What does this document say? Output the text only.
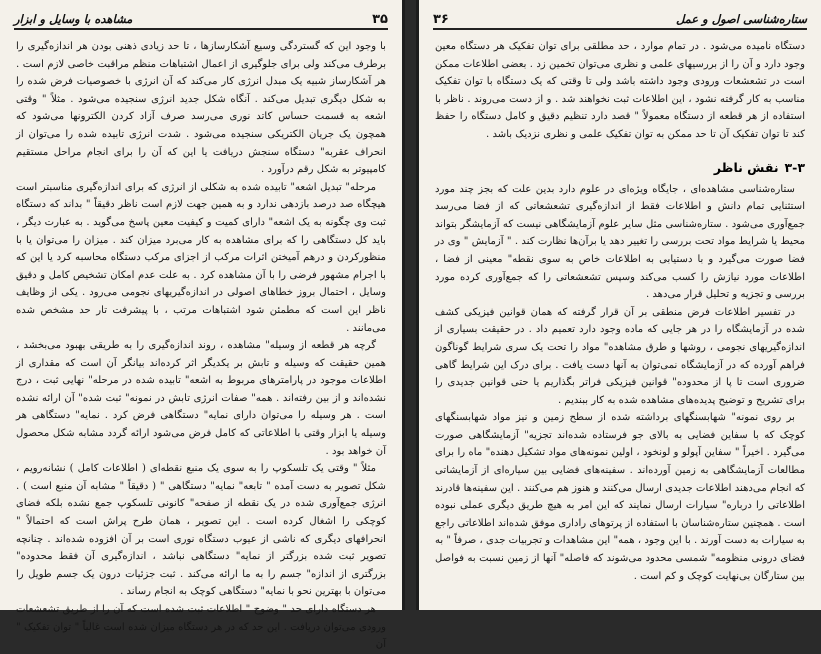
۳۵
مشاهده با وسایل و ابزار

با وجود این که گستردگی وسیع آشکارسازها ، تا حد زیادی ذهنی بودن هر اندازه‌گیری را برطرف می‌کند ولی برای جلوگیری از اعمال اشتباهات منظم مراقبت خاصی لازم است . هر آشکارساز شبیه یک مبدل انرژی کار می‌کند که آن انرژی با خصوصیات فرض شده را به شکل دیگری تبدیل می‌کند . آنگاه شکل جدید انرژی سنجیده می‌شود . مثلاً " وقتی اشعه به قسمت حساس کاتد نوری می‌رسد صرف آزاد کردن الکترونها می‌شود که همچون یک جریان الکتریکی سنجیده می‌شود . شدت انرژی تابیده شده را می‌توان از انحراف عقربه" دستگاه سنجش دریافت یا این که آن را برای انجام مراحل مستقیم کامپیوتر به شکل رقم درآورد .

مرحله" تبدیل اشعه" تابیده شده به شکلی از انرژی که برای اندازه‌گیری مناسبتر است هیچگاه صد درصد بازدهی ندارد و به همین جهت لازم است ناظر دقیقاً " بداند که دستگاه ثبت وی چگونه به یک اشعه" دارای کمیت و کیفیت معین پاسخ می‌گوید . به عبارت دیگر ، باید کل دستگاهی را که برای مشاهده به کار می‌برد میزان کند . میزان را می‌توان یا با منظورکردن و درهم آمیختن اثرات مرکب از اجزای مرکب دستگاه محاسبه کرد یا این که با اجرام مشهور فرضی را با آن مشاهده کرد . به علت عدم امکان تشخیص کامل و دقیق وسایل ، احتمال بروز خطاهای اصولی در اندازه‌گیریهای نجومی می‌رود . یکی از وظایف ناظر این است که مطمئن شود اشتباهات مرتب ، با پیشرفت تار حد مشخص شده می‌مانند .

گرچه هر قطعه از وسیله" مشاهده ، روند اندازه‌گیری را به طریقی بهبود می‌بخشد ، همین حقیقت که وسیله و تابش بر یکدیگر اثر کرده‌اند بیانگر آن است که مقداری از اطلاعات موجود در پارامترهای مربوط به اشعه" تابیده شده در مرحله" نهایی ثبت ، درج نشده‌اند و از بین رفته‌اند . همه" صفات انرژی تابش در نمونه" ثبت شده" آن ارائه نشده است . هر وسیله را می‌توان دارای نمایه" دستگاهی فرض کرد . نمایه" دستگاهی هر وسیله یا ابزار وقتی با اطلاعاتی که کامل فرض می‌شود ارائه گردد مشابه شکل محصول آن خواهد بود .

مثلاً " وقتی یک تلسکوپ را به سوی یک منبع نقطه‌ای ( اطلاعات کامل ) نشانه‌رویم ، شکل تصویر به دست آمده " تابعه" نمایه" دستگاهی " ( دقیقاً " مشابه آن منبع است ) . انرژی جمع‌آوری شده در یک نقطه از صفحه" کانونی تلسکوپ جمع نشده بلکه فضای کوچکی را اشغال کرده است . این تصویر ، همان طرح پراش است که احتمالاً " انحرافهای دیگری که ناشی از عیوب دستگاه نوری است بر آن افزوده شده‌اند . چنانچه تصویر ثبت شده بزرگتر از نمایه" دستگاهی نباشد ، اندازه‌گیری آن فقط محدوده" بزرگتری از اندازه" جسم را به ما ارائه می‌کند . ثبت جزئیات درون یک جسم طویل را می‌توان با بهترین نحو با نمایه" دستگاهی کوچک به انجام رساند .

هر دستگاه دارای حد " وضوح " اطلاعات ثبت شده است که آن را از طریق تشعشعات ورودی می‌توان دریافت . این حد که در هر دستگاه میزان شده است غالباً " توان تفکیک " آن

ستاره‌شناسی اصول و عمل
۳۶

دستگاه نامیده می‌شود . در تمام موارد ، حد مطلقی برای توان تفکیک هر دستگاه معین وجود دارد و آن را از بررسیهای علمی و نظری می‌توان تخمین زد . بعضی اطلاعات ممکن است در تشعشعات ورودی وجود داشته باشد ولی تا وقتی که یک دستگاه با توان تفکیک مناسب به کار گرفته نشود ، این اطلاعات ثبت نخواهند شد . و از دست می‌روند . ناظر با استفاده از هر قطعه از دستگاه معمولاً " قصد دارد تنظیم دقیق و کامل دستگاه را حفظ کند تا توان تفکیک آن تا حد ممکن به توان تفکیک علمی و نظری نزدیک باشد .

۳-۳نقش ناظر

ستاره‌شناسی مشاهده‌ای ، جایگاه ویژه‌ای در علوم دارد بدین علت که بجز چند مورد استثنایی تمام دانش و اطلاعات فقط از اندازه‌گیری تشعشعاتی که از فضا می‌رسد جمع‌آوری می‌شود . ستاره‌شناسی مثل سایر علوم آزمایشگاهی نیست که آزمایشگر بتواند محیط یا شرایط مواد تحت بررسی را تغییر دهد یا برآن‌ها نظارت کند . " آزمایش " وی در فضا صورت می‌گیرد و با دستیابی به اطلاعات خاص به سوی نقطه" معینی از فضا ، اطلاعات مورد نیازش را کسب می‌کند وسپس تشعشعاتی را که جمع‌آوری کرده مورد بررسی و تجزیه و تحلیل قرار می‌دهد .

در تفسیر اطلاعات فرض منطقی بر آن قرار گرفته که همان قوانین فیزیکی کشف شده در آزمایشگاه را در هر جایی که ماده وجود دارد تعمیم داد . در حقیقت بسیاری از اندازه‌گیریهای نجومی ، روشها و طرق مشاهده" مواد را تحت یک سری شرایط گوناگون فراهم آورده که در آزمایشگاه نمی‌توان به آنها دست یافت . برای درک این شرایط گاهی ضروری است تا پا از محدوده" قوانین فیزیکی فراتر بگذاریم یا حتی قوانین جدیدی را برای تشریح و توضیح پدیده‌های مشاهده شده به کار ببندیم .

بر روی نمونه" شهابسنگهای برداشته شده از سطح زمین و نیز مواد شهابسنگهای کوچک که با سفاین فضایی به بالای جو فرستاده شده‌اند تجزیه" آزمایشگاهی صورت می‌گیرد . اخیراً " سفاین آپولو و لونخود ، اولین نمونه‌های مواد تشکیل دهنده" ماه را برای مطالعات آزمایشگاهی به زمین آورده‌اند . سفینه‌های فضایی بین سیاره‌ای از آزمایشاتی که انجام می‌دهند اطلاعات جدیدی ارسال می‌کنند و هنوز هم می‌کنند . این سفینه‌ها قادرند اطلاعاتی را درباره" سیارات ارسال نمایند که این امر به هیچ طریق دیگری عملی نبوده است . همچنین ستاره‌شناسان با استفاده از پرتوهای راداری موفق شده‌اند اطلاعاتی راجع به سیارات به دست آورند . با این وجود ، همه" این مشاهدات و تجربیات جدی ، صرفاً " به فضای درونی منظومه" شمسی محدود می‌شوند که فاصله" آنها از زمین نسبت به فواصل بین ستارگان بی‌نهایت کوچک و کم است .
